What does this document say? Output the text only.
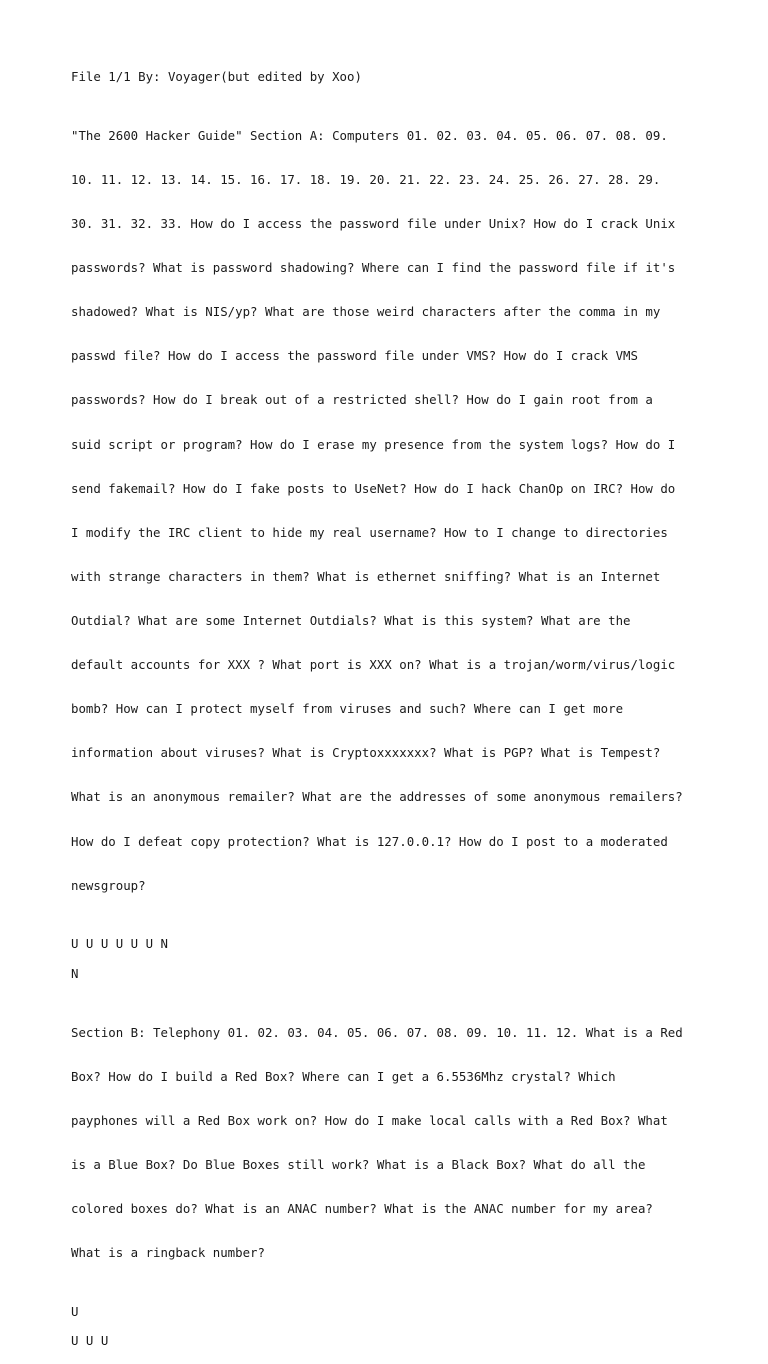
File 1/1 By: Voyager(but edited by Xoo)

"The 2600 Hacker Guide" Section A: Computers 01. 02. 03. 04. 05. 06. 07. 08. 09.

10. 11. 12. 13. 14. 15. 16. 17. 18. 19. 20. 21. 22. 23. 24. 25. 26. 27. 28. 29.

30. 31. 32. 33. How do I access the password file under Unix? How do I crack Unix

passwords? What is password shadowing? Where can I find the password file if it's

shadowed? What is NIS/yp? What are those weird characters after the comma in my

passwd file? How do I access the password file under VMS? How do I crack VMS

passwords? How do I break out of a restricted shell? How do I gain root from a

suid script or program? How do I erase my presence from the system logs? How do I

send fakemail? How do I fake posts to UseNet? How do I hack ChanOp on IRC? How do

I modify the IRC client to hide my real username? How to I change to directories

with strange characters in them? What is ethernet sniffing? What is an Internet

Outdial? What are some Internet Outdials? What is this system? What are the

default accounts for XXX ? What port is XXX on? What is a trojan/worm/virus/logic

bomb? How can I protect myself from viruses and such? Where can I get more

information about viruses? What is Cryptoxxxxxxx? What is PGP? What is Tempest?

What is an anonymous remailer? What are the addresses of some anonymous remailers?

How do I defeat copy protection? What is 127.0.0.1? How do I post to a moderated

newsgroup?

U U U U U U N

N

Section B: Telephony 01. 02. 03. 04. 05. 06. 07. 08. 09. 10. 11. 12. What is a Red

Box? How do I build a Red Box? Where can I get a 6.5536Mhz crystal? Which

payphones will a Red Box work on? How do I make local calls with a Red Box? What

is a Blue Box? Do Blue Boxes still work? What is a Black Box? What do all the

colored boxes do? What is an ANAC number? What is the ANAC number for my area?

What is a ringback number?

U

U U U
